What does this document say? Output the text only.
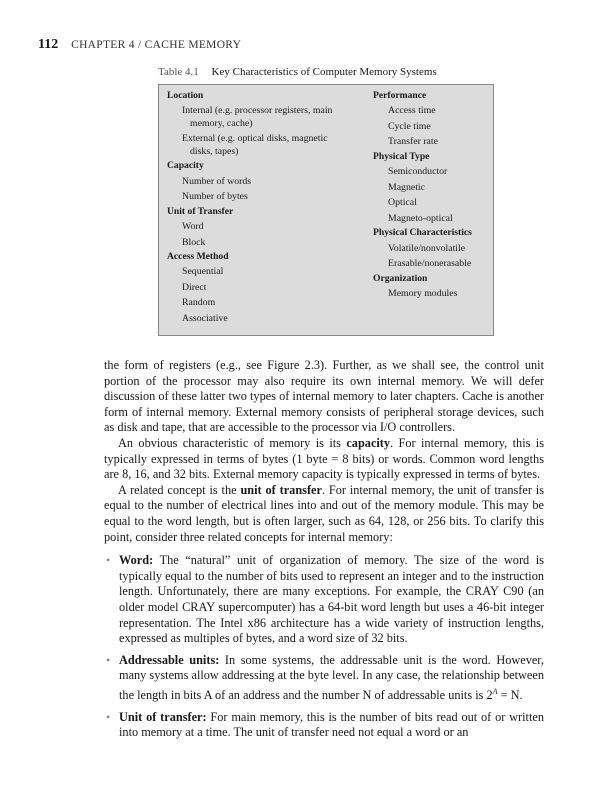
112 CHAPTER 4 / CACHE MEMORY
Table 4.1 Key Characteristics of Computer Memory Systems
Location
Internal (e.g. processor registers, main memory, cache)
External (e.g. optical disks, magnetic disks, tapes)
Capacity
Number of words
Number of bytes
Unit of Transfer
Word
Block
Access Method
Sequential
Direct
Random
Associative
Performance
Access time
Cycle time
Transfer rate
Physical Type
Semiconductor
Magnetic
Optical
Magneto-optical
Physical Characteristics
Volatile/nonvolatile
Erasable/nonerasable
Organization
Memory modules

the form of registers (e.g., see Figure 2.3). Further, as we shall see, the control unit portion of the processor may also require its own internal memory. We will defer discussion of these latter two types of internal memory to later chapters. Cache is another form of internal memory. External memory consists of peripheral storage devices, such as disk and tape, that are accessible to the processor via I/O controllers.

An obvious characteristic of memory is its capacity. For internal memory, this is typically expressed in terms of bytes (1 byte = 8 bits) or words. Common word lengths are 8, 16, and 32 bits. External memory capacity is typically expressed in terms of bytes.

A related concept is the unit of transfer. For internal memory, the unit of transfer is equal to the number of electrical lines into and out of the memory module. This may be equal to the word length, but is often larger, such as 64, 128, or 256 bits. To clarify this point, consider three related concepts for internal memory:

• Word: The “natural” unit of organization of memory. The size of the word is typically equal to the number of bits used to represent an integer and to the instruction length. Unfortunately, there are many exceptions. For example, the CRAY C90 (an older model CRAY supercomputer) has a 64-bit word length but uses a 46-bit integer representation. The Intel x86 architecture has a wide variety of instruction lengths, expressed as multiples of bytes, and a word size of 32 bits.
• Addressable units: In some systems, the addressable unit is the word. However, many systems allow addressing at the byte level. In any case, the relationship between the length in bits A of an address and the number N of addressable units is $2^A = N$.
• Unit of transfer: For main memory, this is the number of bits read out of or written into memory at a time. The unit of transfer need not equal a word or an
